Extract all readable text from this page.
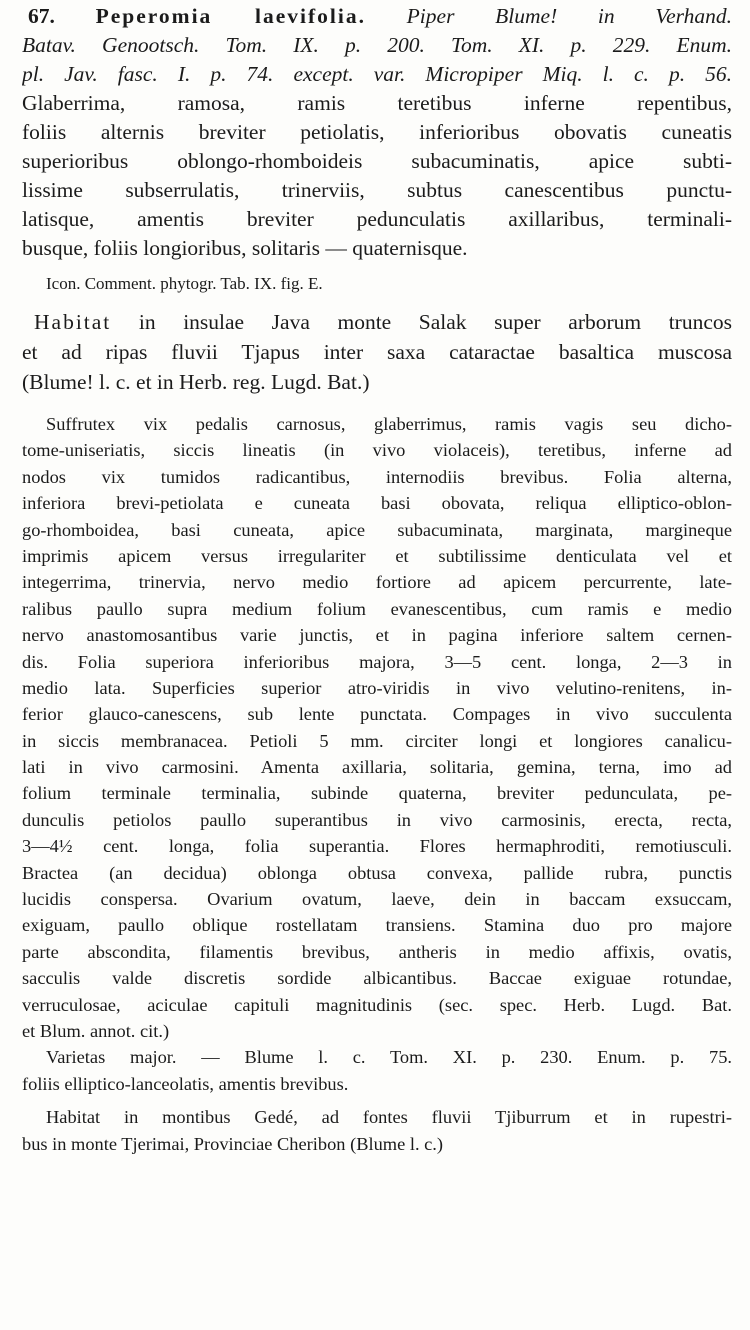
67. Peperomia laevifolia. Piper Blume! in Verhand.
Batav. Genootsch. Tom. IX. p. 200. Tom. XI. p. 229. Enum.
pl. Jav. fasc. I. p. 74. except. var. Micropiper Miq. l. c. p. 56.
Glaberrima, ramosa, ramis teretibus inferne repentibus,
foliis alternis breviter petiolatis, inferioribus obovatis cuneatis
superioribus oblongo-rhomboideis subacuminatis, apice subti-
lissime subserrulatis, trinerviis, subtus canescentibus punctu-
latisque, amentis breviter pedunculatis axillaribus, terminali-
busque, foliis longioribus, solitaris — quaternisque.
Icon. Comment. phytogr. Tab. IX. fig. E.
Habitat in insulae Java monte Salak super arborum truncos
et ad ripas fluvii Tjapus inter saxa cataractae basaltica muscosa
(Blume! l. c. et in Herb. reg. Lugd. Bat.)
Suffrutex vix pedalis carnosus, glaberrimus, ramis vagis seu dicho-
tome-uniseriatis, siccis lineatis (in vivo violaceis), teretibus, inferne ad
nodos vix tumidos radicantibus, internodiis brevibus. Folia alterna,
inferiora brevi-petiolata e cuneata basi obovata, reliqua elliptico-oblon-
go-rhomboidea, basi cuneata, apice subacuminata, marginata, margineque
imprimis apicem versus irregulariter et subtilissime denticulata vel et
integerrima, trinervia, nervo medio fortiore ad apicem percurrente, late-
ralibus paullo supra medium folium evanescentibus, cum ramis e medio
nervo anastomosantibus varie junctis, et in pagina inferiore saltem cernen-
dis. Folia superiora inferioribus majora, 3—5 cent. longa, 2—3 in
medio lata. Superficies superior atro-viridis in vivo velutino-renitens, in-
ferior glauco-canescens, sub lente punctata. Compages in vivo succulenta
in siccis membranacea. Petioli 5 mm. circiter longi et longiores canalicu-
lati in vivo carmosini. Amenta axillaria, solitaria, gemina, terna, imo ad
folium terminale terminalia, subinde quaterna, breviter pedunculata, pe-
dunculis petiolos paullo superantibus in vivo carmosinis, erecta, recta,
3—4½ cent. longa, folia superantia. Flores hermaphroditi, remotiusculi.
Bractea (an decidua) oblonga obtusa convexa, pallide rubra, punctis
lucidis conspersa. Ovarium ovatum, laeve, dein in baccam exsuccam,
exiguam, paullo oblique rostellatam transiens. Stamina duo pro majore
parte abscondita, filamentis brevibus, antheris in medio affixis, ovatis,
sacculis valde discretis sordide albicantibus. Baccae exiguae rotundae,
verruculosae, aciculae capituli magnitudinis (sec. spec. Herb. Lugd. Bat.
et Blum. annot. cit.)
Varietas major. — Blume l. c. Tom. XI. p. 230. Enum. p. 75.
foliis elliptico-lanceolatis, amentis brevibus.
Habitat in montibus Gedé, ad fontes fluvii Tjiburrum et in rupestri-
bus in monte Tjerimai, Provinciae Cheribon (Blume l. c.)
